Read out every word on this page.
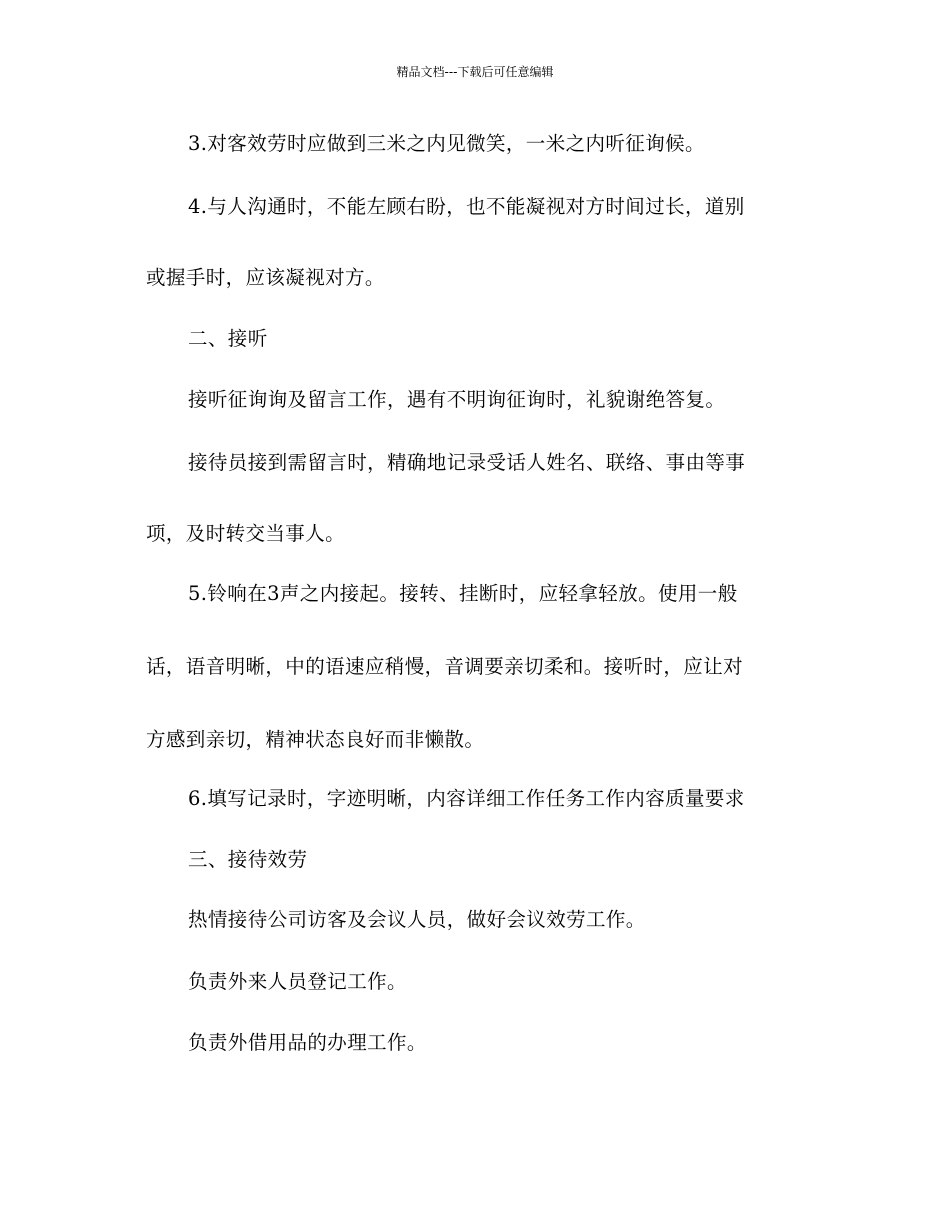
精品文档---下载后可任意编辑
3.对客效劳时应做到三米之内见微笑，一米之内听征询候。
4.与人沟通时，不能左顾右盼，也不能凝视对方时间过长，道别
或握手时，应该凝视对方。
二、接听
接听征询询及留言工作，遇有不明询征询时，礼貌谢绝答复。
接待员接到需留言时，精确地记录受话人姓名、联络、事由等事
项，及时转交当事人。
5.铃响在3声之内接起。接转、挂断时，应轻拿轻放。使用一般
话，语音明晰，中的语速应稍慢，音调要亲切柔和。接听时，应让对
方感到亲切，精神状态良好而非懒散。
6.填写记录时，字迹明晰，内容详细工作任务工作内容质量要求
三、接待效劳
热情接待公司访客及会议人员，做好会议效劳工作。
负责外来人员登记工作。
负责外借用品的办理工作。
